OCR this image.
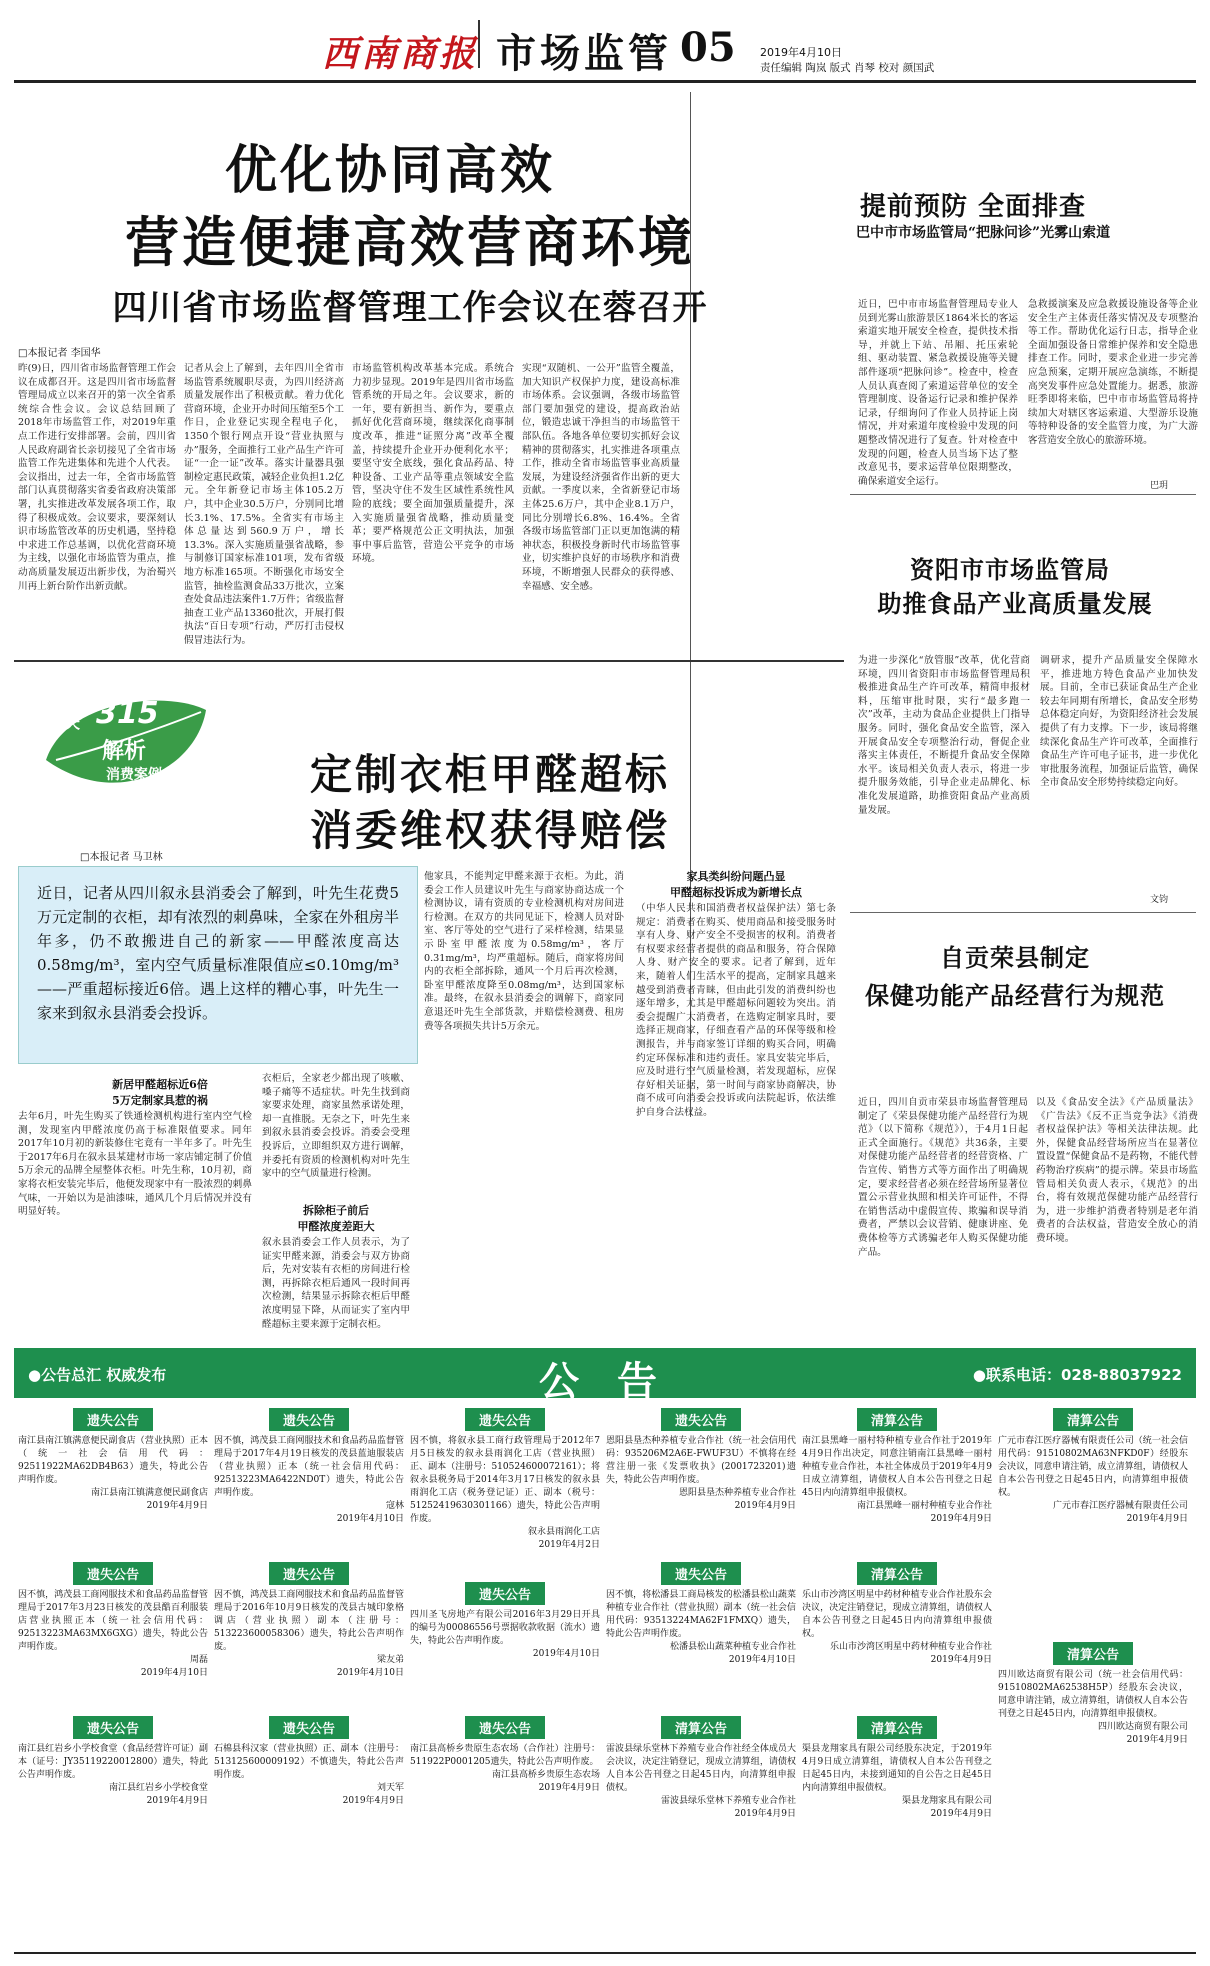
西南商报 市场监管 05 2019年4月10日
责任编辑 陶岚 版式 肖琴 校对 颜国武
优化协同高效
营造便捷高效营商环境
四川省市场监督管理工作会议在蓉召开
□本报记者 李国华
昨(9)日，四川省市场监督管理工作会议在成都召开。这是四川省市场监督管理局成立以来召开的第一次全省系统综合性会议。会议总结回顾了2018年市场监管工作，对2019年重点工作进行安排部署。会前，四川省人民政府副省长亲切接见了全省市场监管工作先进集体和先进个人代表。会议指出，过去一年，全省市场监管部门认真贯彻落实省委省政府决策部署，扎实推进改革发展各项工作，取得了积极成效。会议要求，要深刻认识市场监管改革的历史机遇，坚持稳中求进工作总基调，以优化营商环境为主线，以强化市场监管为重点，推动高质量发展迈出新步伐，为治蜀兴川再上新台阶作出新贡献。
记者从会上了解到，去年四川全省市场监管系统履职尽责，为四川经济高质量发展作出了积极贡献。着力优化营商环境，企业开办时间压缩至5个工作日，企业登记实现全程电子化，1350个银行网点开设“营业执照与办”服务，全面推行工业产品生产许可证“一企一证”改革。落实计量器具强制检定惠民政策，减轻企业负担1.2亿元。全年新登记市场主体105.2万户，其中企业30.5万户，分别同比增长3.1%、17.5%。全省实有市场主体总量达到560.9万户，增长13.3%。深入实施质量强省战略，参与制修订国家标准101项，发布省级地方标准165项。不断强化市场安全监管，抽检监测食品33万批次，立案查处食品违法案件1.7万件；省级监督抽查工业产品13360批次，开展打假执法“百日专项”行动，严厉打击侵权假冒违法行为。
市场监管机构改革基本完成。系统合力初步显现。2019年是四川省市场监管系统的开局之年。会议要求，新的一年，要有新担当、新作为，要重点抓好优化营商环境，继续深化商事制度改革，推进“证照分离”改革全覆盖，持续提升企业开办便利化水平；要坚守安全底线，强化食品药品、特种设备、工业产品等重点领域安全监管，坚决守住不发生区域性系统性风险的底线；要全面加强质量提升，深入实施质量强省战略，推动质量变革；要严格规范公正文明执法，加强事中事后监管，营造公平竞争的市场环境。
实现“双随机、一公开”监管全覆盖，加大知识产权保护力度，建设高标准市场体系。会议强调，各级市场监管部门要加强党的建设，提高政治站位，锻造忠诚干净担当的市场监管干部队伍。各地各单位要切实抓好会议精神的贯彻落实，扎实推进各项重点工作，推动全省市场监管事业高质量发展，为建设经济强省作出新的更大贡献。一季度以来，全省新登记市场主体25.6万户，其中企业8.1万户，同比分别增长6.8%、16.4%。全省各级市场监管部门正以更加饱满的精神状态，积极投身新时代市场监管事业，切实维护良好的市场秩序和消费环境，不断增强人民群众的获得感、幸福感、安全感。
提前预防 全面排查
巴中市市场监管局“把脉问诊”光雾山索道
近日，巴中市市场监督管理局专业人员到光雾山旅游景区1864米长的客运索道实地开展安全检查，提供技术指导，并就上下站、吊厢、托压索轮组、驱动装置、紧急救援设施等关键部件逐项“把脉问诊”。检查中，检查人员认真查阅了索道运营单位的安全管理制度、设备运行记录和维护保养记录，仔细询问了作业人员持证上岗情况，并对索道年度检验中发现的问题整改情况进行了复查。针对检查中发现的问题，检查人员当场下达了整改意见书，要求运营单位限期整改，确保索道安全运行。
急救援演案及应急救援设施设备等企业安全生产主体责任落实情况及专项整治等工作。帮助优化运行日志，指导企业全面加强设备日常维护保养和安全隐患排查工作。同时，要求企业进一步完善应急预案，定期开展应急演练，不断提高突发事件应急处置能力。据悉，旅游旺季即将来临，巴中市市场监管局将持续加大对辖区客运索道、大型游乐设施等特种设备的安全监管力度，为广大游客营造安全放心的旅游环境。
巴玥
资阳市市场监管局
助推食品产业高质量发展
为进一步深化“放管服”改革，优化营商环境，四川省资阳市市场监督管理局积极推进食品生产许可改革，精简申报材料，压缩审批时限，实行“最多跑一次”改革，主动为食品企业提供上门指导服务。同时，强化食品安全监管，深入开展食品安全专项整治行动，督促企业落实主体责任，不断提升食品安全保障水平。该局相关负责人表示，将进一步提升服务效能，引导企业走品牌化、标准化发展道路，助推资阳食品产业高质量发展。
调研求，提升产品质量安全保障水平，推进地方特色食品产业加快发展。目前，全市已获证食品生产企业较去年同期有所增长，食品安全形势总体稳定向好，为资阳经济社会发展提供了有力支撑。下一步，该局将继续深化食品生产许可改革，全面推行食品生产许可电子证书，进一步优化审批服务流程，加强证后监管，确保全市食品安全形势持续稳定向好。
文钧
自贡荣县制定
保健功能产品经营行为规范
近日，四川自贡市荣县市场监督管理局制定了《荣县保健功能产品经营行为规范》（以下简称《规范》），于4月1日起正式全面施行。《规范》共36条，主要对保健功能产品经营者的经营资格、广告宣传、销售方式等方面作出了明确规定，要求经营者必须在经营场所显著位置公示营业执照和相关许可证件，不得在销售活动中虚假宣传、欺骗和误导消费者，严禁以会议营销、健康讲座、免费体检等方式诱骗老年人购买保健功能产品。
以及《食品安全法》《产品质量法》《广告法》《反不正当竞争法》《消费者权益保护法》等相关法律法规。此外，保健食品经营场所应当在显著位置设置“保健食品不是药物，不能代替药物治疗疾病”的提示牌。荣县市场监管局相关负责人表示，《规范》的出台，将有效规范保健功能产品经营行为，进一步维护消费者特别是老年消费者的合法权益，营造安全放心的消费环境。
天天 315
解析
消费案例	定制衣柜甲醛超标
消委维权获得赔偿
□本报记者 马卫林
近日，记者从四川叙永县消委会了解到，叶先生花费5万元定制的衣柜，却有浓烈的刺鼻味，全家在外租房半年多，仍不敢搬进自己的新家——甲醛浓度高达0.58mg/m³，室内空气质量标准限值应≤0.10mg/m³——严重超标接近6倍。遇上这样的糟心事，叶先生一家来到叙永县消委会投诉。
新居甲醛超标近6倍
5万定制家具惹的祸
去年6月，叶先生购买了铁通检测机构进行室内空气检测，发现室内甲醛浓度仍高于标准限值要求。同年2017年10月初的新装修住宅竟有一半年多了。叶先生于2017年6月在叙永县某建材市场一家店铺定制了价值5万余元的品牌全屋整体衣柜。叶先生称，10月初，商家将衣柜安装完毕后，他便发现家中有一股浓烈的刺鼻气味，一开始以为是油漆味，通风几个月后情况并没有明显好转。
衣柜后，全家老少都出现了咳嗽、嗓子痛等不适症状。叶先生找到商家要求处理，商家虽然承诺处理，却一直推脱。无奈之下，叶先生来到叙永县消委会投诉。消委会受理投诉后，立即组织双方进行调解，并委托有资质的检测机构对叶先生家中的空气质量进行检测。
拆除柜子前后
甲醛浓度差距大
叙永县消委会工作人员表示，为了证实甲醛来源，消委会与双方协商后，先对安装有衣柜的房间进行检测，再拆除衣柜后通风一段时间再次检测，结果显示拆除衣柜后甲醛浓度明显下降，从而证实了室内甲醛超标主要来源于定制衣柜。
他家具，不能判定甲醛来源于衣柜。为此，消委会工作人员建议叶先生与商家协商达成一个检测协议，请有资质的专业检测机构对房间进行检测。在双方的共同见证下，检测人员对卧室、客厅等处的空气进行了采样检测，结果显示卧室甲醛浓度为0.58mg/m³，客厅0.31mg/m³，均严重超标。随后，商家将房间内的衣柜全部拆除，通风一个月后再次检测，卧室甲醛浓度降至0.08mg/m³，达到国家标准。最终，在叙永县消委会的调解下，商家同意退还叶先生全部货款，并赔偿检测费、租房费等各项损失共计5万余元。
家具类纠纷问题凸显
甲醛超标投诉成为新增长点
（中华人民共和国消费者权益保护法）第七条规定：消费者在购买、使用商品和接受服务时享有人身、财产安全不受损害的权利。消费者有权要求经营者提供的商品和服务，符合保障人身、财产安全的要求。记者了解到，近年来，随着人们生活水平的提高，定制家具越来越受到消费者青睐，但由此引发的消费纠纷也逐年增多，尤其是甲醛超标问题较为突出。消委会提醒广大消费者，在选购定制家具时，要选择正规商家，仔细查看产品的环保等级和检测报告，并与商家签订详细的购买合同，明确约定环保标准和违约责任。家具安装完毕后，应及时进行空气质量检测，若发现超标，应保存好相关证据，第一时间与商家协商解决，协商不成可向消委会投诉或向法院起诉，依法维护自身合法权益。
●公告总汇 权威发布	公 告	●联系电话：028-88037922
遗失公告
南江县南江镇满意便民副食店（营业执照）正本（统一社会信用代码：92511922MA62DB4B63）遗失，特此公告声明作废。
南江县南江镇满意便民副食店
2019年4月9日
遗失公告
因不慎，鸿茂县工商网服技术和食品药品监督管理局于2017年3月23日核发的茂县酷百利服装店营业执照正本（统一社会信用代码：92513223MA63MX6GXG）遗失，特此公告声明作废。
周磊
2019年4月10日
遗失公告
南江县红岩乡小学校食堂（食品经营许可证）副本（证号：JY35119220012800）遗失，特此公告声明作废。
南江县红岩乡小学校食堂
2019年4月9日
遗失公告
因不慎，鸿茂县工商网服技术和食品药品监督管理局于2017年4月19日核发的茂县蓝迪服装店（营业执照）正本（统一社会信用代码：92513223MA6422ND0T）遗失，特此公告声明作废。
寇林
2019年4月10日
遗失公告
因不慎，鸿茂县工商网服技术和食品药品监督管理局于2016年10月9日核发的茂县古城印象格调店（营业执照）副本（注册号：513223600058306）遗失，特此公告声明作废。
梁友弟
2019年4月10日
遗失公告
石棉县科汉家（营业执照）正、副本（注册号：513125600009192）不慎遗失，特此公告声明作废。
刘天军
2019年4月9日
遗失公告
因不慎，将叙永县工商行政管理局于2012年7月5日核发的叙永县雨润化工店（营业执照）正、副本（注册号：510524600072161）；将叙永县税务局于2014年3月17日核发的叙永县雨润化工店（税务登记证）正、副本（税号：51252419630301166）遗失，特此公告声明作废。
叙永县雨润化工店
2019年4月2日
遗失公告
四川圣飞房地产有限公司2016年3月29日开具的编号为00086556号票据收款收据（流水）遗失，特此公告声明作废。
2019年4月10日
遗失公告
南江县高桥乡贵原生态农场（合作社）注册号：511922P0001205遗失，特此公告声明作废。
南江县高桥乡贵原生态农场
2019年4月9日
遗失公告
恩阳县垦杰种养植专业合作社（统一社会信用代码：935206M2A6E-FWUF3U）不慎将在经营注册一张《发票收执》(2001723201)遗失，特此公告声明作废。
恩阳县垦杰种养植专业合作社
2019年4月9日
遗失公告
因不慎，将松潘县工商局核发的松潘县松山蔬菜种植专业合作社（营业执照）副本（统一社会信用代码：93513224MA62F1FMXQ）遗失，特此公告声明作废。
松潘县松山蔬菜种植专业合作社
2019年4月10日
清算公告
雷波县绿乐堂林下养殖专业合作社经全体成员大会决议，决定注销登记，现成立清算组，请债权人自本公告刊登之日起45日内，向清算组申报债权。
雷波县绿乐堂林下养殖专业合作社
2019年4月9日
清算公告
南江县黑峰一丽村特种植专业合作社于2019年4月9日作出决定，同意注销南江县黑峰一丽村种植专业合作社，本社全体成员于2019年4月9日成立清算组，请债权人自本公告刊登之日起45日内向清算组申报债权。
南江县黑峰一丽村种植专业合作社
2019年4月9日
清算公告
乐山市沙湾区明星中药材种植专业合作社股东会决议，决定注销登记，现成立清算组，请债权人自本公告刊登之日起45日内向清算组申报债权。
乐山市沙湾区明星中药材种植专业合作社
2019年4月9日
清算公告
渠县龙翔家具有限公司经股东决定，于2019年4月9日成立清算组，请债权人自本公告刊登之日起45日内，未接到通知的自公告之日起45日内向清算组申报债权。
渠县龙翔家具有限公司
2019年4月9日
清算公告
广元市春江医疗器械有限责任公司（统一社会信用代码：91510802MA63NFKD0F）经股东会决议，同意申请注销，成立清算组，请债权人自本公告刊登之日起45日内，向清算组申报债权。
广元市春江医疗器械有限责任公司
2019年4月9日
清算公告
四川欧达商贸有限公司（统一社会信用代码：91510802MA62538H5P）经股东会决议，同意申请注销，成立清算组，请债权人自本公告刊登之日起45日内，向清算组申报债权。
四川欧达商贸有限公司
2019年4月9日
